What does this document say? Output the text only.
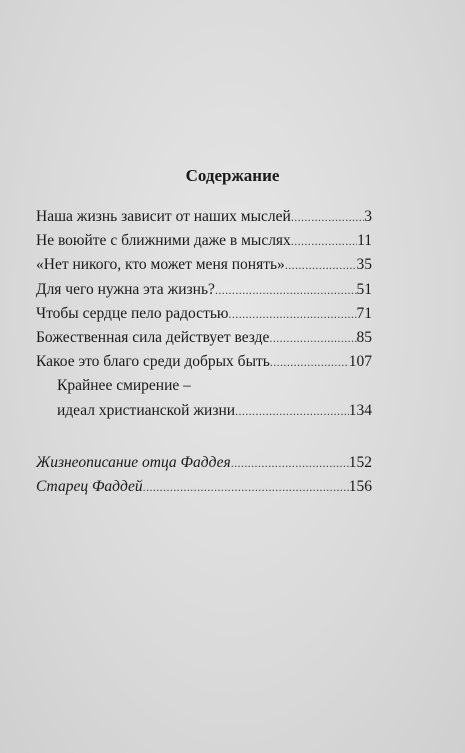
Содержание
Наша жизнь зависит от наших мыслей .....	3
Не воюйте с ближними даже в мыслях .....	11
«Нет никого, кто может меня понять» .....	35
Для чего нужна эта жизнь? .....	51
Чтобы сердце пело радостью .....	71
Божественная сила действует везде .....	85
Какое это благо среди добрых быть .....	107
Крайнее смирение –
идеал христианской жизни .....	134
Жизнеописание отца Фаддея .....	152
Старец Фаддей .....	156
